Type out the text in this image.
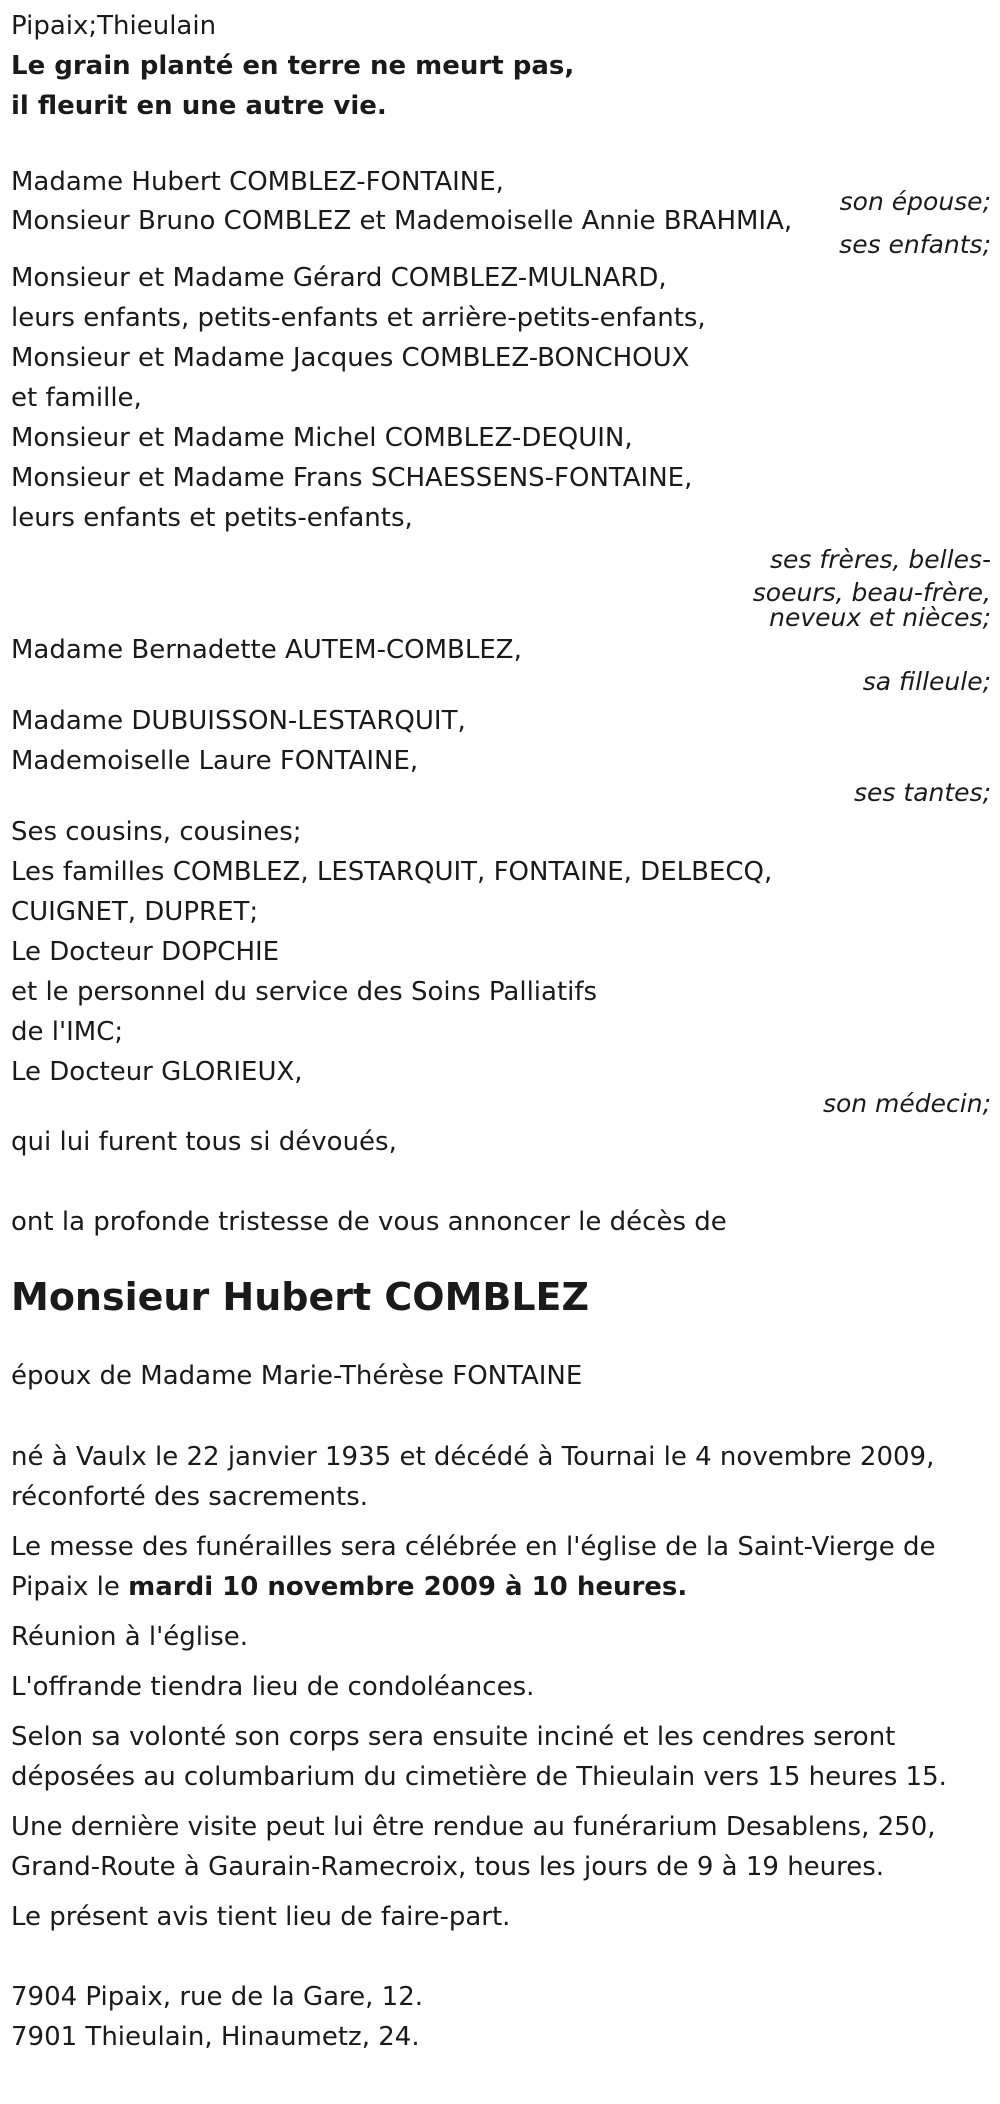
Pipaix;Thieulain

Le grain planté en terre ne meurt pas,

il fleurit en une autre vie.

Madame Hubert COMBLEZ-FONTAINE,

son épouse;

Monsieur Bruno COMBLEZ et Mademoiselle Annie BRAHMIA,

ses enfants;

Monsieur et Madame Gérard COMBLEZ-MULNARD,

leurs enfants, petits-enfants et arrière-petits-enfants,

Monsieur et Madame Jacques COMBLEZ-BONCHOUX

et famille,

Monsieur et Madame Michel COMBLEZ-DEQUIN,

Monsieur et Madame Frans SCHAESSENS-FONTAINE,

leurs enfants et petits-enfants,

ses frères, belles-
soeurs, beau-frère,
neveux et nièces;

Madame Bernadette AUTEM-COMBLEZ,

sa filleule;

Madame DUBUISSON-LESTARQUIT,

Mademoiselle Laure FONTAINE,

ses tantes;

Ses cousins, cousines;

Les familles COMBLEZ, LESTARQUIT, FONTAINE, DELBECQ,

CUIGNET, DUPRET;

Le Docteur DOPCHIE

et le personnel du service des Soins Palliatifs

de l'IMC;

Le Docteur GLORIEUX,

son médecin;

qui lui furent tous si dévoués,

ont la profonde tristesse de vous annoncer le décès de

Monsieur Hubert COMBLEZ

époux de Madame Marie-Thérèse FONTAINE

né à Vaulx le 22 janvier 1935 et décédé à Tournai le 4 novembre 2009,

réconforté des sacrements.

Le messe des funérailles sera célébrée en l'église de la Saint-Vierge de

Pipaix le mardi 10 novembre 2009 à 10 heures.

Réunion à l'église.

L'offrande tiendra lieu de condoléances.

Selon sa volonté son corps sera ensuite inciné et les cendres seront

déposées au columbarium du cimetière de Thieulain vers 15 heures 15.

Une dernière visite peut lui être rendue au funérarium Desablens, 250,

Grand-Route à Gaurain-Ramecroix, tous les jours de 9 à 19 heures.

Le présent avis tient lieu de faire-part.

7904 Pipaix, rue de la Gare, 12.

7901 Thieulain, Hinaumetz, 24.
